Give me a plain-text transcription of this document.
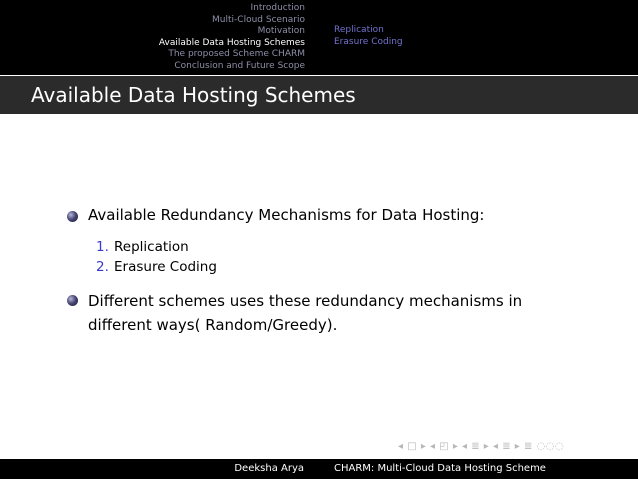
Introduction
Multi-Cloud Scenario
Motivation
Available Data Hosting Schemes
The proposed Scheme CHARM
Conclusion and Future Scope
Replication
Erasure Coding
Available Data Hosting Schemes
Available Redundancy Mechanisms for Data Hosting:
1. Replication
2. Erasure Coding
Different schemes uses these redundancy mechanisms in different ways( Random/Greedy).
◂ □ ▸ ◂ ◰ ▸ ◂ ≣ ▸ ◂ ≣ ▸ ≣ ◌◌◌
Deeksha Arya	CHARM: Multi-Cloud Data Hosting Scheme
